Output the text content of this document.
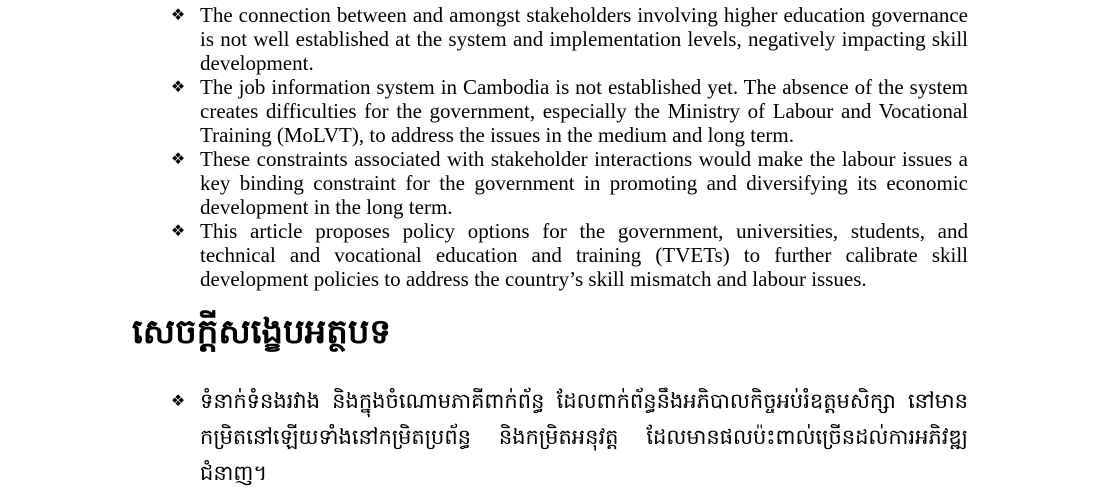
❖ The connection between and amongst stakeholders involving higher education governance is not well established at the system and implementation levels, negatively impacting skill development.
❖ The job information system in Cambodia is not established yet. The absence of the system creates difficulties for the government, especially the Ministry of Labour and Vocational Training (MoLVT), to address the issues in the medium and long term.
❖ These constraints associated with stakeholder interactions would make the labour issues a key binding constraint for the government in promoting and diversifying its economic development in the long term.
❖ This article proposes policy options for the government, universities, students, and technical and vocational education and training (TVETs) to further calibrate skill development policies to address the country’s skill mismatch and labour issues.
សេចក្តីសង្ខេបអត្ថបទ
❖ ទំនាក់ទំនងរវាង និងក្នុងចំណោមភាគីពាក់ព័ន្ធ ដែលពាក់ព័ន្ធនឹងអភិបាលកិច្ចអប់រំឧត្តមសិក្សា នៅមានកម្រិតនៅឡើយទាំងនៅកម្រិតប្រព័ន្ធ និងកម្រិតអនុវត្ត ដែលមានផលប៉ះពាល់ច្រើនដល់ការអភិវឌ្ឍជំនាញ។
